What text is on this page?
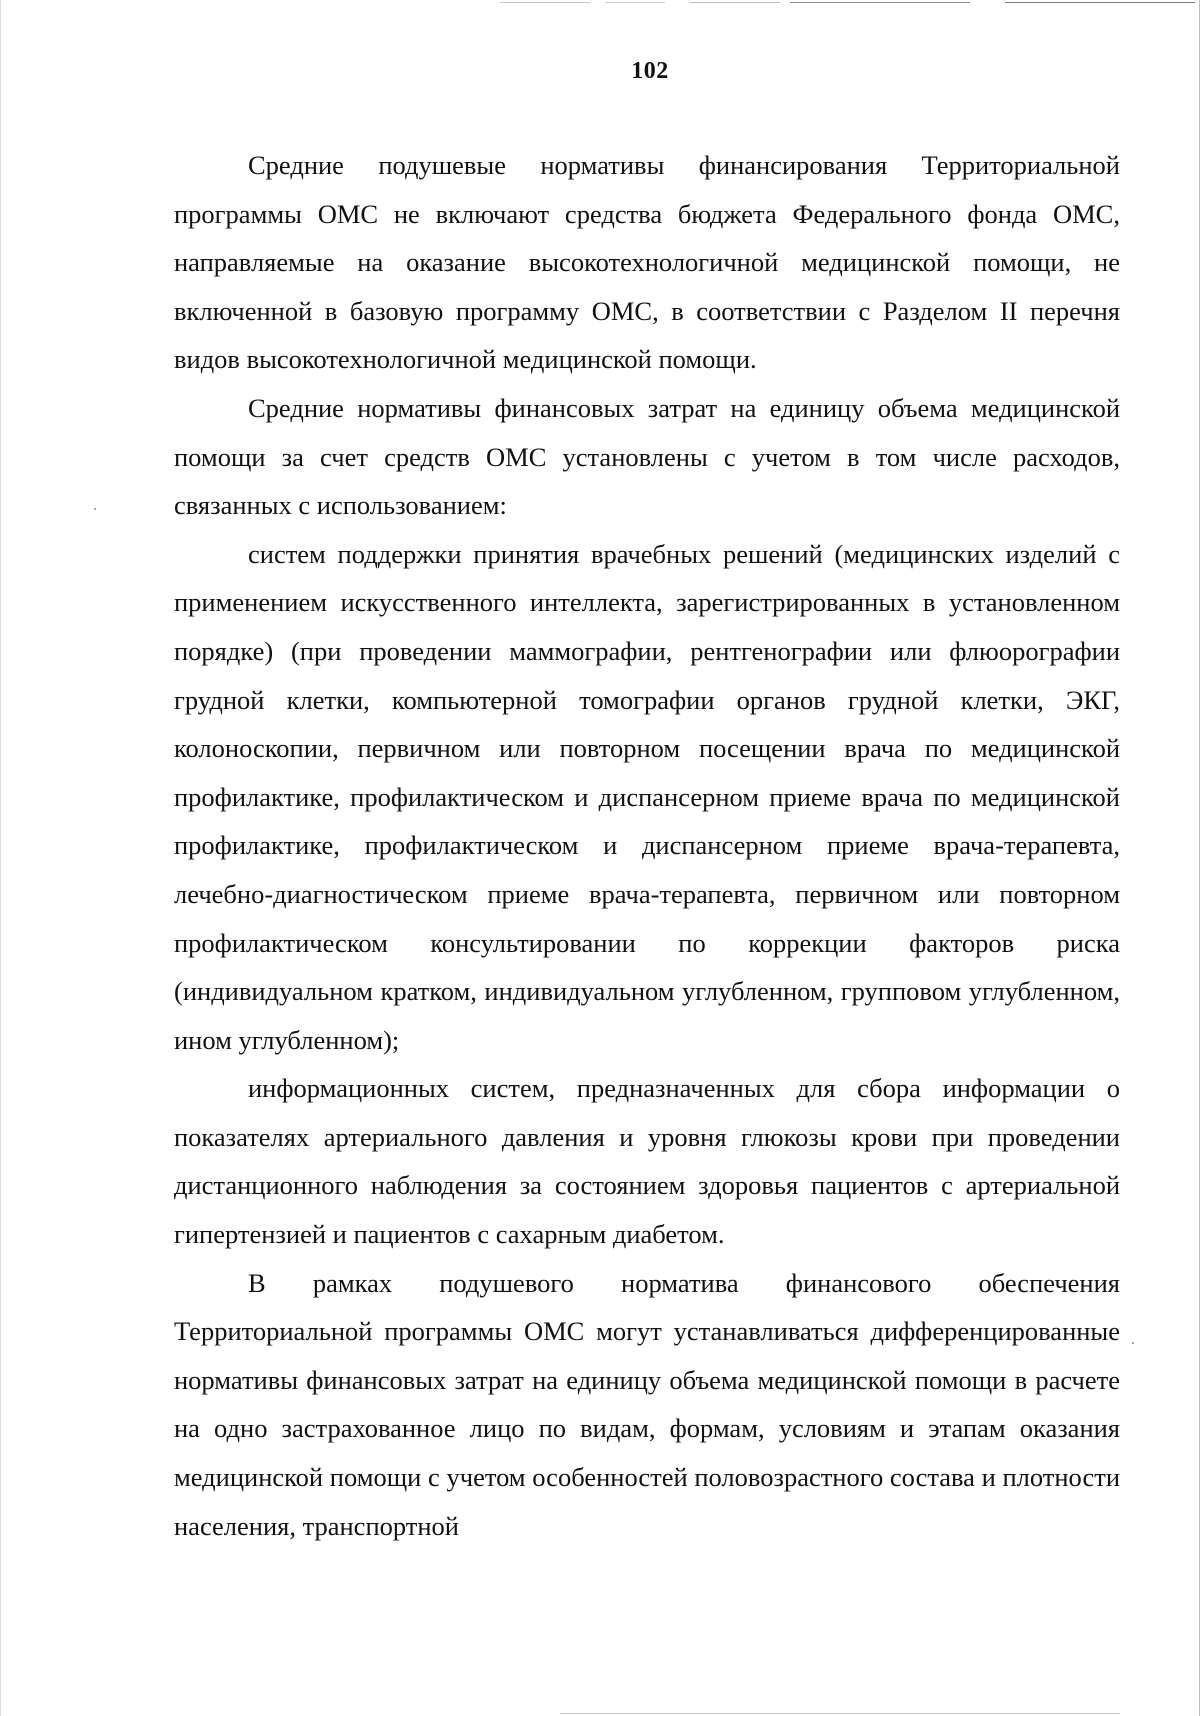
102

Средние подушевые нормативы финансирования Территориальной программы ОМС не включают средства бюджета Федерального фонда ОМС, направляемые на оказание высокотехнологичной медицинской помощи, не включенной в базовую программу ОМС, в соответствии с Разделом II перечня видов высокотехнологичной медицинской помощи.

Средние нормативы финансовых затрат на единицу объема медицинской помощи за счет средств ОМС установлены с учетом в том числе расходов, связанных с использованием:

систем поддержки принятия врачебных решений (медицинских изделий с применением искусственного интеллекта, зарегистрированных в установленном порядке) (при проведении маммографии, рентгенографии или флюорографии грудной клетки, компьютерной томографии органов грудной клетки, ЭКГ, колоноскопии, первичном или повторном посещении врача по медицинской профилактике, профилактическом и диспансерном приеме врача по медицинской профилактике, профилактическом и диспансерном приеме врача-терапевта, лечебно-диагностическом приеме врача-терапевта, первичном или повторном профилактическом консультировании по коррекции факторов риска (индивидуальном кратком, индивидуальном углубленном, групповом углубленном, ином углубленном);

информационных систем, предназначенных для сбора информации о показателях артериального давления и уровня глюкозы крови при проведении дистанционного наблюдения за состоянием здоровья пациентов с артериальной гипертензией и пациентов с сахарным диабетом.

В рамках подушевого норматива финансового обеспечения Территориальной программы ОМС могут устанавливаться дифференцированные нормативы финансовых затрат на единицу объема медицинской помощи в расчете на одно застрахованное лицо по видам, формам, условиям и этапам оказания медицинской помощи с учетом особенностей половозрастного состава и плотности населения, транспортной
